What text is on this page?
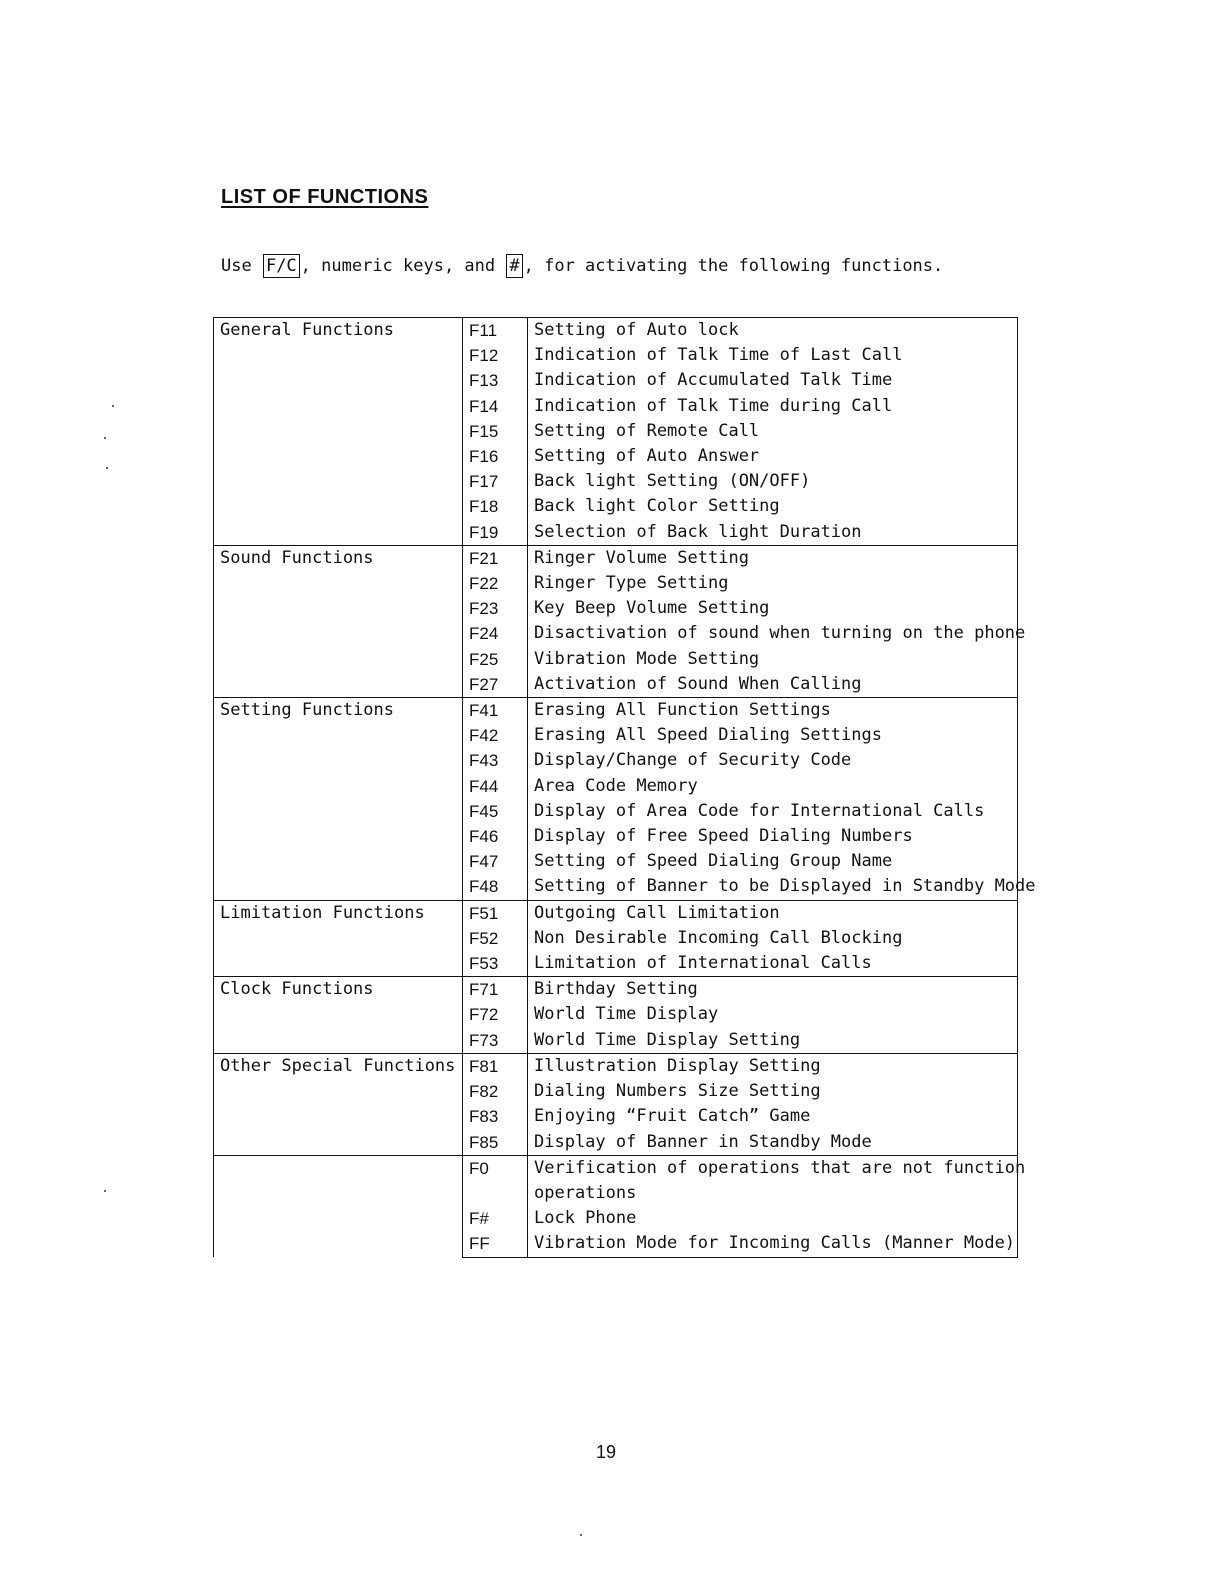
LIST OF FUNCTIONS
Use F/C , numeric keys, and # , for activating the following functions.
General Functions	F11	Setting of Auto lock
	F12	Indication of Talk Time of Last Call
	F13	Indication of Accumulated Talk Time
	F14	Indication of Talk Time during Call
	F15	Setting of Remote Call
	F16	Setting of Auto Answer
	F17	Back light Setting (ON/OFF)
	F18	Back light Color Setting
	F19	Selection of Back light Duration
Sound Functions	F21	Ringer Volume Setting
	F22	Ringer Type Setting
	F23	Key Beep Volume Setting
	F24	Disactivation of sound when turning on the phone
	F25	Vibration Mode Setting
	F27	Activation of Sound When Calling
Setting Functions	F41	Erasing All Function Settings
	F42	Erasing All Speed Dialing Settings
	F43	Display/Change of Security Code
	F44	Area Code Memory
	F45	Display of Area Code for International Calls
	F46	Display of Free Speed Dialing Numbers
	F47	Setting of Speed Dialing Group Name
	F48	Setting of Banner to be Displayed in Standby Mode
Limitation Functions	F51	Outgoing Call Limitation
	F52	Non Desirable Incoming Call Blocking
	F53	Limitation of International Calls
Clock Functions	F71	Birthday Setting
	F72	World Time Display
	F73	World Time Display Setting
Other Special Functions	F81	Illustration Display Setting
	F82	Dialing Numbers Size Setting
	F83	Enjoying “Fruit Catch” Game
	F85	Display of Banner in Standby Mode
	F0	Verification of operations that are not function
		operations
	F#	Lock Phone
	FF	Vibration Mode for Incoming Calls (Manner Mode)
19
